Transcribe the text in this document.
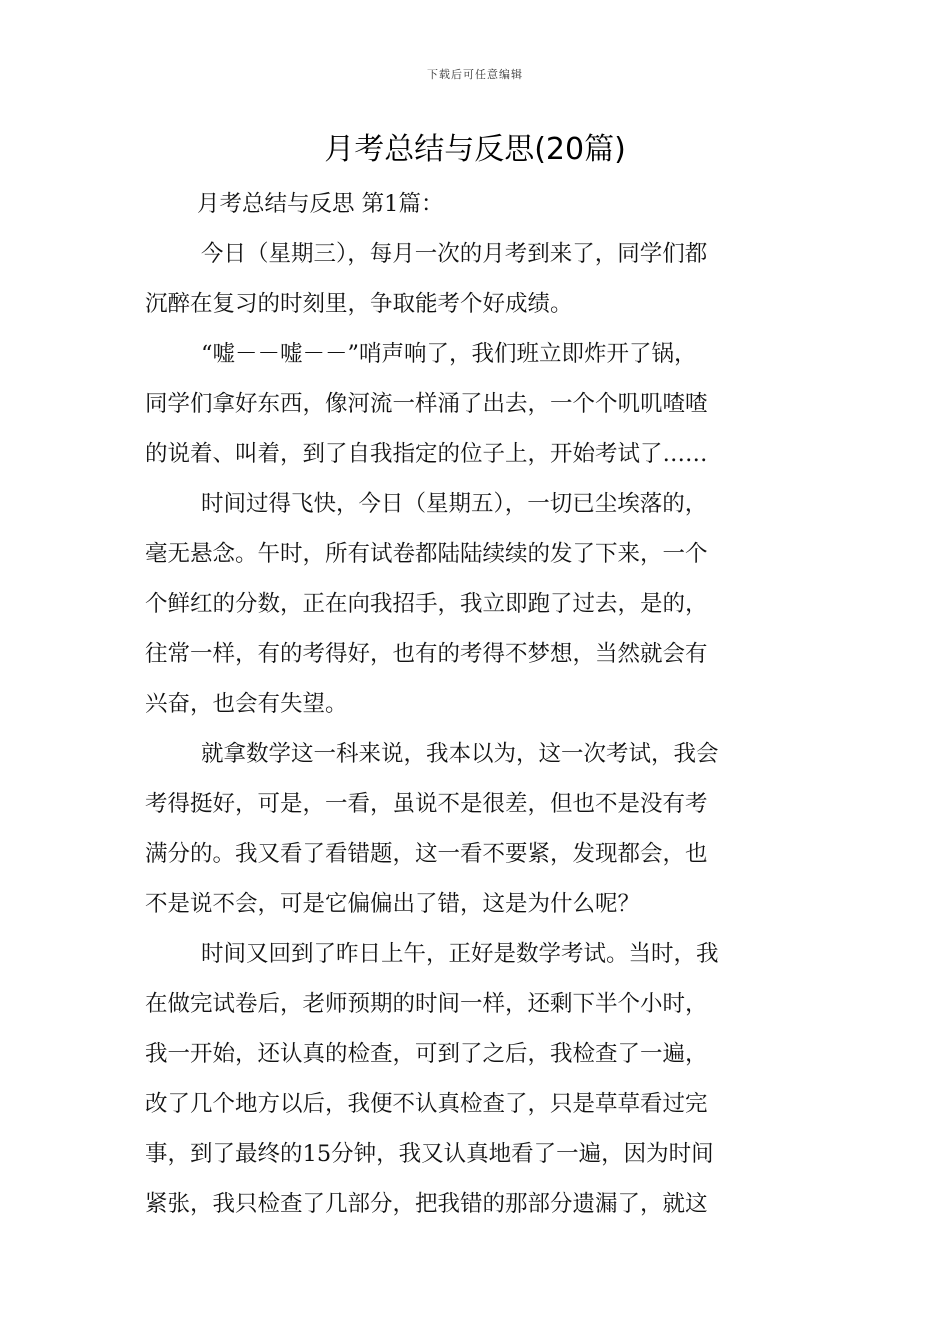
下载后可任意编辑
月考总结与反思(20篇)
月考总结与反思 第1篇：
今日（星期三），每月一次的月考到来了，同学们都
沉醉在复习的时刻里，争取能考个好成绩。
“嘘－－嘘－－”哨声响了，我们班立即炸开了锅，
同学们拿好东西，像河流一样涌了出去，一个个叽叽喳喳
的说着、叫着，到了自我指定的位子上，开始考试了……
时间过得飞快，今日（星期五），一切已尘埃落的，
毫无悬念。午时，所有试卷都陆陆续续的发了下来，一个
个鲜红的分数，正在向我招手，我立即跑了过去，是的，
往常一样，有的考得好，也有的考得不梦想，当然就会有
兴奋，也会有失望。
就拿数学这一科来说，我本以为，这一次考试，我会
考得挺好，可是，一看，虽说不是很差，但也不是没有考
满分的。我又看了看错题，这一看不要紧，发现都会，也
不是说不会，可是它偏偏出了错，这是为什么呢？
时间又回到了昨日上午，正好是数学考试。当时，我
在做完试卷后，老师预期的时间一样，还剩下半个小时，
我一开始，还认真的检查，可到了之后，我检查了一遍，
改了几个地方以后，我便不认真检查了，只是草草看过完
事，到了最终的15分钟，我又认真地看了一遍，因为时间
紧张，我只检查了几部分，把我错的那部分遗漏了，就这
